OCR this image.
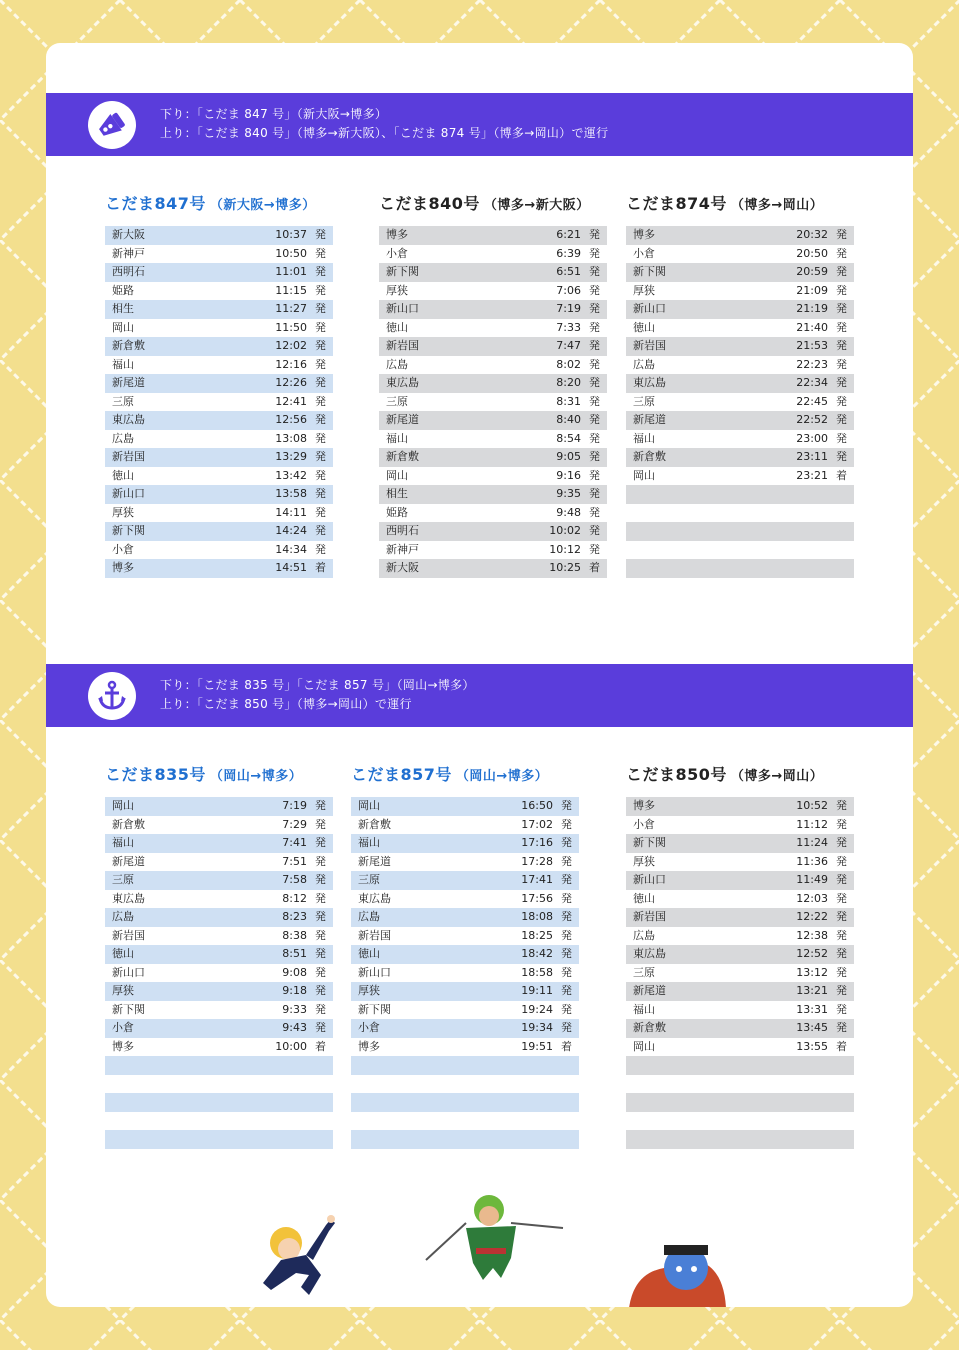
下り：「こだま 847 号」（新大阪→博多）
上り：「こだま 840 号」（博多→新大阪）、「こだま 874 号」（博多→岡山）で運行
こだま847号 （新大阪→博多）
新大阪	10:37 発
新神戸	10:50 発
西明石	11:01 発
姫路	11:15 発
相生	11:27 発
岡山	11:50 発
新倉敷	12:02 発
福山	12:16 発
新尾道	12:26 発
三原	12:41 発
東広島	12:56 発
広島	13:08 発
新岩国	13:29 発
徳山	13:42 発
新山口	13:58 発
厚狭	14:11 発
新下関	14:24 発
小倉	14:34 発
博多	14:51 着
こだま840号 （博多→新大阪）
博多	6:21 発
小倉	6:39 発
新下関	6:51 発
厚狭	7:06 発
新山口	7:19 発
徳山	7:33 発
新岩国	7:47 発
広島	8:02 発
東広島	8:20 発
三原	8:31 発
新尾道	8:40 発
福山	8:54 発
新倉敷	9:05 発
岡山	9:16 発
相生	9:35 発
姫路	9:48 発
西明石	10:02 発
新神戸	10:12 発
新大阪	10:25 着
こだま874号 （博多→岡山）
博多	20:32 発
小倉	20:50 発
新下関	20:59 発
厚狭	21:09 発
新山口	21:19 発
徳山	21:40 発
新岩国	21:53 発
広島	22:23 発
東広島	22:34 発
三原	22:45 発
新尾道	22:52 発
福山	23:00 発
新倉敷	23:11 発
岡山	23:21 着
下り：「こだま 835 号」「こだま 857 号」（岡山→博多）
上り：「こだま 850 号」（博多→岡山）で運行
こだま835号 （岡山→博多）
岡山	7:19 発
新倉敷	7:29 発
福山	7:41 発
新尾道	7:51 発
三原	7:58 発
東広島	8:12 発
広島	8:23 発
新岩国	8:38 発
徳山	8:51 発
新山口	9:08 発
厚狭	9:18 発
新下関	9:33 発
小倉	9:43 発
博多	10:00 着
こだま857号 （岡山→博多）
岡山	16:50 発
新倉敷	17:02 発
福山	17:16 発
新尾道	17:28 発
三原	17:41 発
東広島	17:56 発
広島	18:08 発
新岩国	18:25 発
徳山	18:42 発
新山口	18:58 発
厚狭	19:11 発
新下関	19:24 発
小倉	19:34 発
博多	19:51 着
こだま850号 （博多→岡山）
博多	10:52 発
小倉	11:12 発
新下関	11:24 発
厚狭	11:36 発
新山口	11:49 発
徳山	12:03 発
新岩国	12:22 発
広島	12:38 発
東広島	12:52 発
三原	13:12 発
新尾道	13:21 発
福山	13:31 発
新倉敷	13:45 発
岡山	13:55 着
